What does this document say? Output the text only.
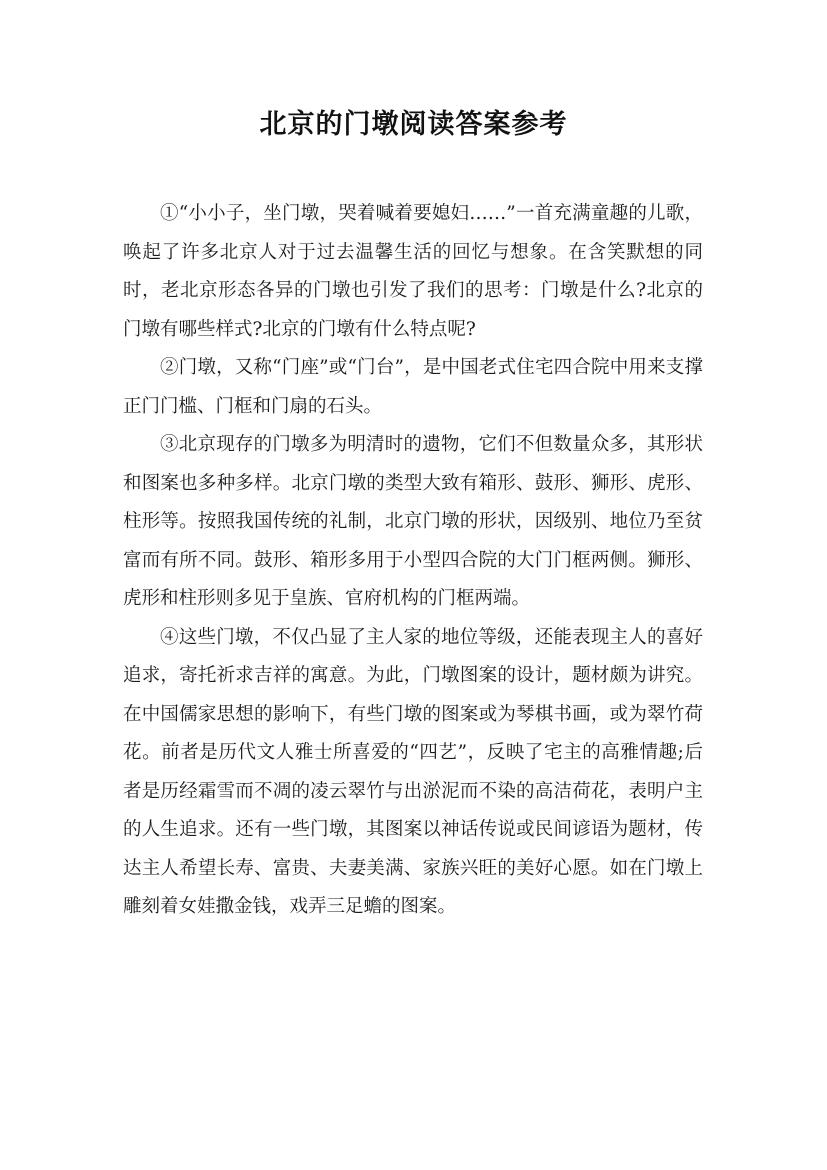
北京的门墩阅读答案参考

①“小小子，坐门墩，哭着喊着要媳妇……”一首充满童趣的儿歌，唤起了许多北京人对于过去温馨生活的回忆与想象。在含笑默想的同时，老北京形态各异的门墩也引发了我们的思考：门墩是什么?北京的门墩有哪些样式?北京的门墩有什么特点呢?

②门墩，又称“门座”或“门台”，是中国老式住宅四合院中用来支撑正门门槛、门框和门扇的石头。

③北京现存的门墩多为明清时的遗物，它们不但数量众多，其形状和图案也多种多样。北京门墩的类型大致有箱形、鼓形、狮形、虎形、柱形等。按照我国传统的礼制，北京门墩的形状，因级别、地位乃至贫富而有所不同。鼓形、箱形多用于小型四合院的大门门框两侧。狮形、虎形和柱形则多见于皇族、官府机构的门框两端。

④这些门墩，不仅凸显了主人家的地位等级，还能表现主人的喜好追求，寄托祈求吉祥的寓意。为此，门墩图案的设计，题材颇为讲究。在中国儒家思想的影响下，有些门墩的图案或为琴棋书画，或为翠竹荷花。前者是历代文人雅士所喜爱的“四艺”，反映了宅主的高雅情趣;后者是历经霜雪而不凋的凌云翠竹与出淤泥而不染的高洁荷花，表明户主的人生追求。还有一些门墩，其图案以神话传说或民间谚语为题材，传达主人希望长寿、富贵、夫妻美满、家族兴旺的美好心愿。如在门墩上雕刻着女娃撒金钱，戏弄三足蟾的图案。
